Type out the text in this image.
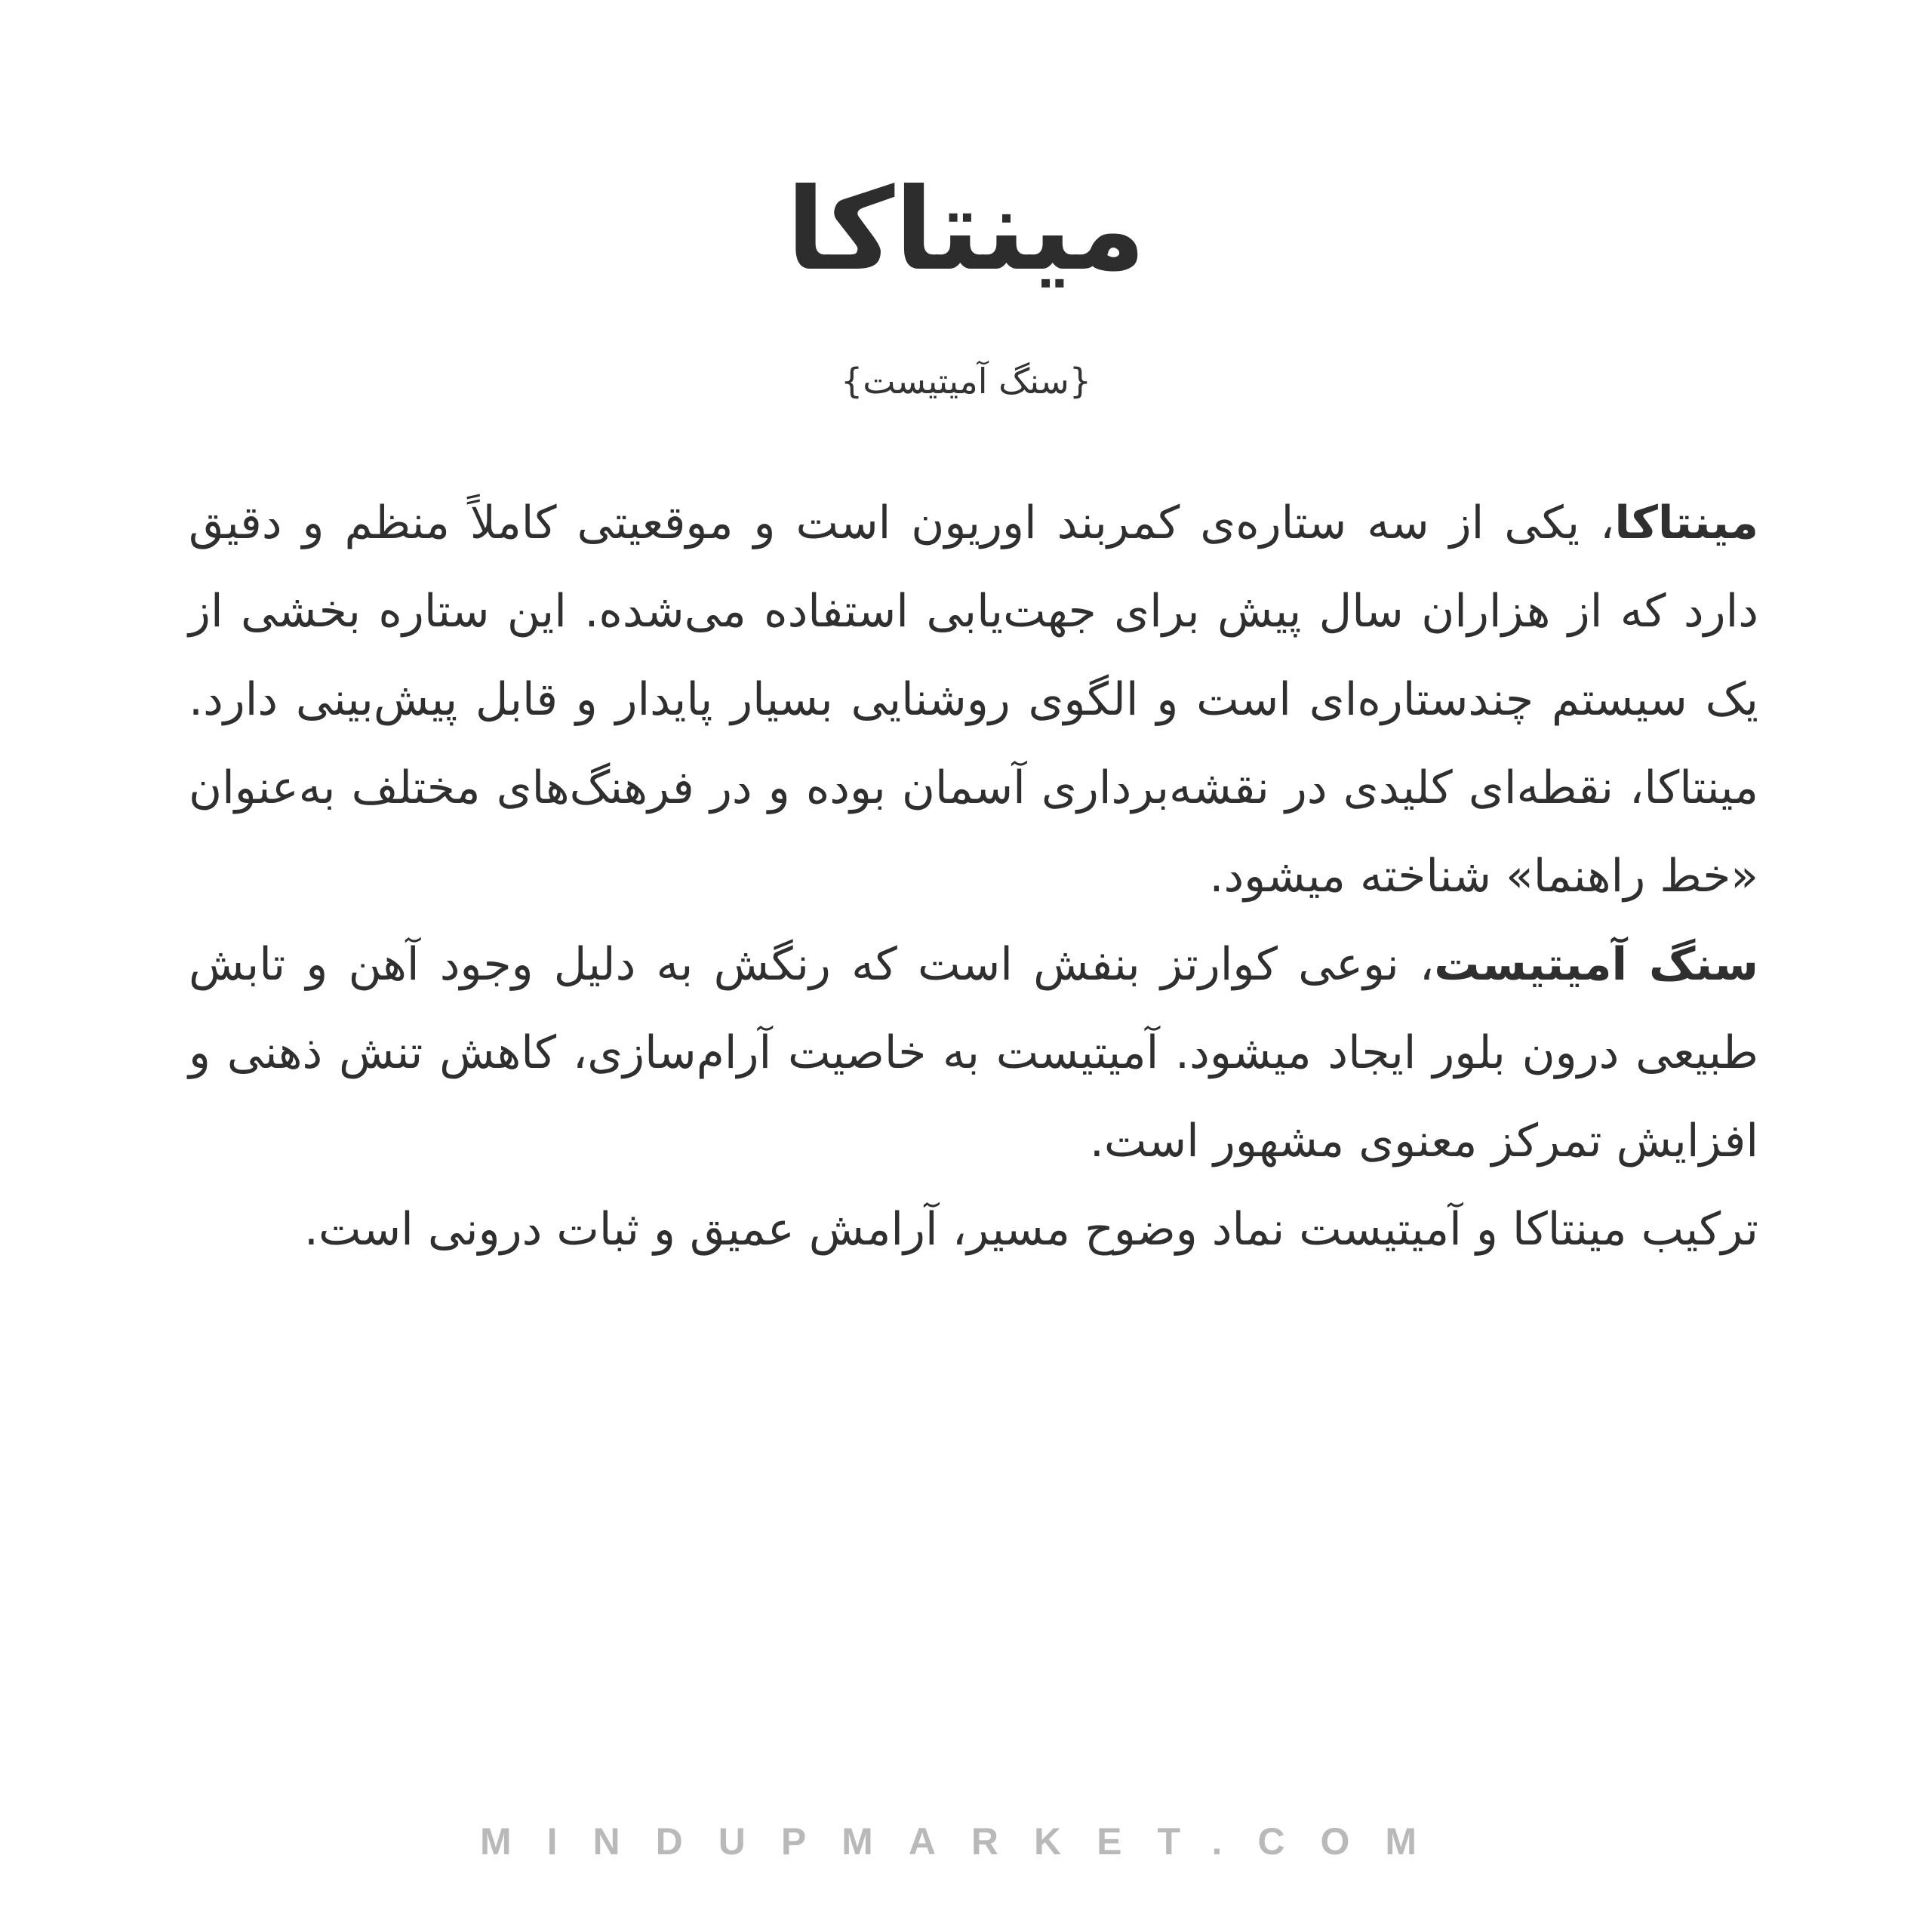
مینتاکا
{سنگ آمیتیست}

مینتاکا، یکی از سه ستاره‌ی کمربند اوریون است و موقعیتی کاملاً منظم و دقیق دارد که از هزاران سال پیش برای جهت‌یابی استفاده می‌شده. این ستاره بخشی از یک سیستم چندستاره‌ای است و الگوی روشنایی بسیار پایدار و قابل پیش‌بینی دارد. مینتاکا، نقطه‌ای کلیدی در نقشه‌برداری آسمان بوده و در فرهنگ‌های مختلف به‌عنوان «خط راهنما» شناخته میشود.

سنگ آمیتیست، نوعی کوارتز بنفش است که رنگش به دلیل وجود آهن و تابش طبیعی درون بلور ایجاد میشود. آمیتیست به خاصیت آرام‌سازی، کاهش تنش ذهنی و افزایش تمرکز معنوی مشهور است.

ترکیب مینتاکا و آمیتیست نماد وضوح مسیر، آرامش عمیق و ثبات درونی است.

MINDUPMARKET.COM
